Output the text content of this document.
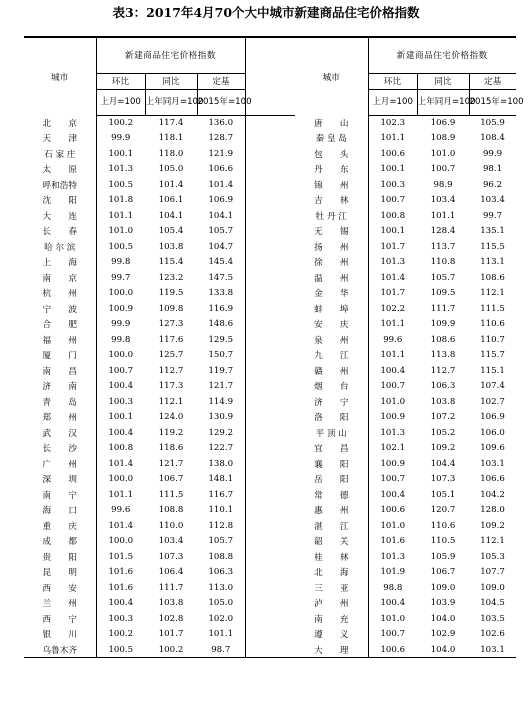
表3：2017年4月70个大中城市新建商品住宅价格指数
城市	新建商品住宅价格指数				城市	新建商品住宅价格指数		
	环比	同比	定基			环比	同比	定基
	上月=100	上年同月=100	2015年=100			上月=100	上年同月=100	2015年=100
北　　京	100.2	117.4	136.0		唐　　山	102.3	106.9	105.9
天　　津	99.9	118.1	128.7		秦 皇 岛	101.1	108.9	108.4
石 家 庄	100.1	118.0	121.9		包　　头	100.6	101.0	99.9
太　　原	101.3	105.0	106.6		丹　　东	100.1	100.7	98.1
呼和浩特	100.5	101.4	101.4		锦　　州	100.3	98.9	96.2
沈　　阳	101.8	106.1	106.9		吉　　林	100.7	103.4	103.4
大　　连	101.1	104.1	104.1		牡 丹 江	100.8	101.1	99.7
长　　春	101.0	105.4	105.7		无　　锡	100.1	128.4	135.1
哈 尔 滨	100.5	103.8	104.7		扬　　州	101.7	113.7	115.5
上　　海	99.8	115.4	145.4		徐　　州	101.3	110.8	113.1
南　　京	99.7	123.2	147.5		温　　州	101.4	105.7	108.6
杭　　州	100.0	119.5	133.8		金　　华	101.7	109.5	112.1
宁　　波	100.9	109.8	116.9		蚌　　埠	102.2	111.7	111.5
合　　肥	99.9	127.3	148.6		安　　庆	101.1	109.9	110.6
福　　州	99.8	117.6	129.5		泉　　州	99.6	108.6	110.7
厦　　门	100.0	125.7	150.7		九　　江	101.1	113.8	115.7
南　　昌	100.7	112.7	119.7		赣　　州	100.4	112.7	115.1
济　　南	100.4	117.3	121.7		烟　　台	100.7	106.3	107.4
青　　岛	100.3	112.1	114.9		济　　宁	101.0	103.8	102.7
郑　　州	100.1	124.0	130.9		洛　　阳	100.9	107.2	106.9
武　　汉	100.4	119.2	129.2		平 顶 山	101.3	105.2	106.0
长　　沙	100.8	118.6	122.7		宜　　昌	102.1	109.2	109.6
广　　州	101.4	121.7	138.0		襄　　阳	100.9	104.4	103.1
深　　圳	100.0	106.7	148.1		岳　　阳	100.7	107.3	106.6
南　　宁	101.1	111.5	116.7		常　　德	100.4	105.1	104.2
海　　口	99.6	108.8	110.1		惠　　州	100.6	120.7	128.0
重　　庆	101.4	110.0	112.8		湛　　江	101.0	110.6	109.2
成　　都	100.0	103.4	105.7		韶　　关	101.6	110.5	112.1
贵　　阳	101.5	107.3	108.8		桂　　林	101.3	105.9	105.3
昆　　明	101.6	106.4	106.3		北　　海	101.9	106.7	107.7
西　　安	101.6	111.7	113.0		三　　亚	98.8	109.0	109.0
兰　　州	100.4	103.8	105.0		泸　　州	100.4	103.9	104.5
西　　宁	100.3	102.8	102.0		南　　充	101.0	104.0	103.5
银　　川	100.2	101.7	101.1		遵　　义	100.7	102.9	102.6
乌鲁木齐	100.5	100.2	98.7		大　　理	100.6	104.0	103.1
